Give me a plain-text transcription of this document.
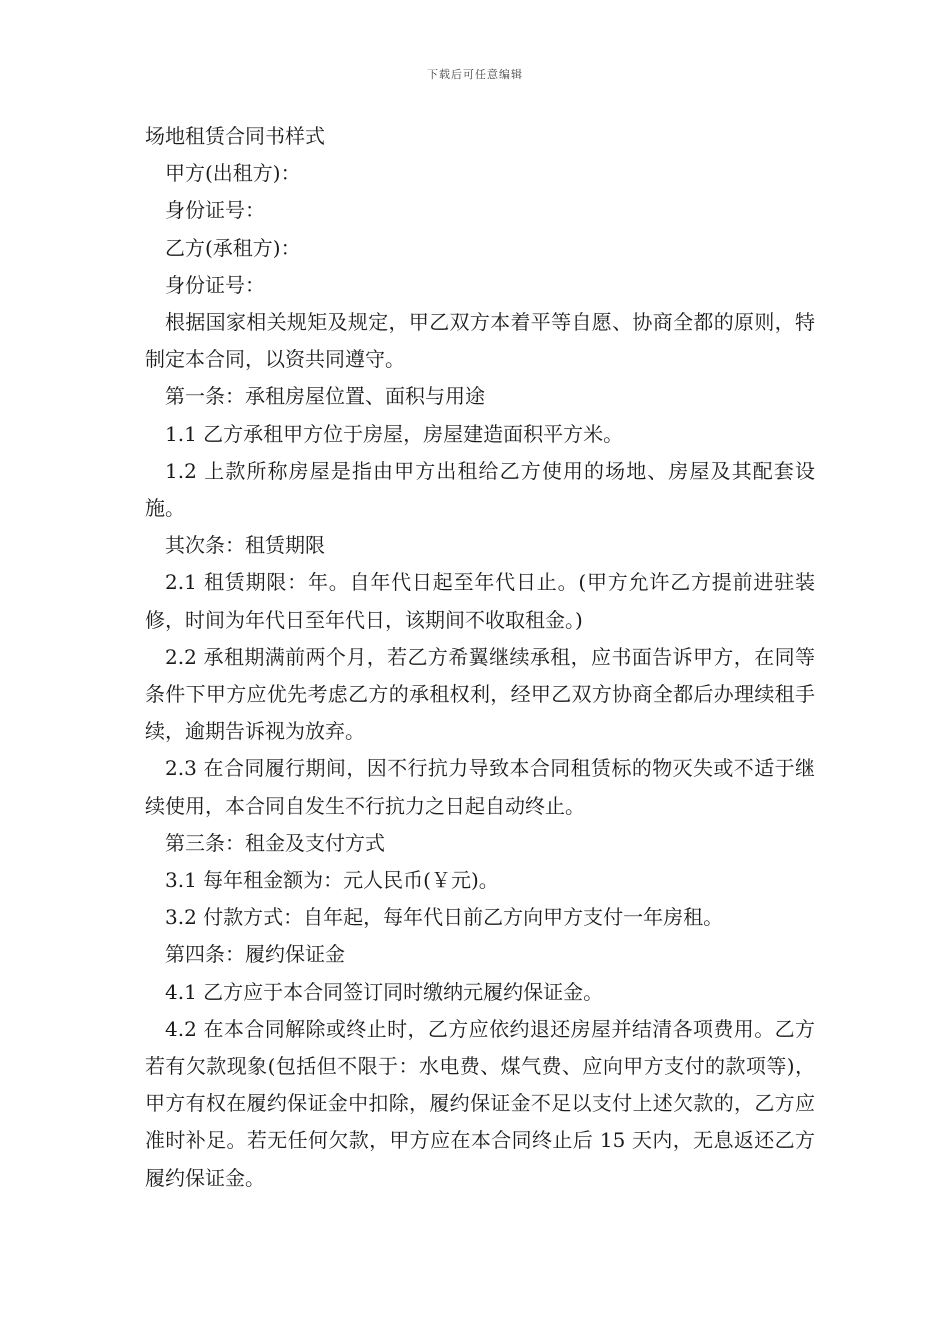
下载后可任意编辑

场地租赁合同书样式

甲方(出租方)：

身份证号：

乙方(承租方)：

身份证号：

根据国家相关规矩及规定，甲乙双方本着平等自愿、协商全都的原则，特制定本合同，以资共同遵守。

第一条：承租房屋位置、面积与用途

1.1 乙方承租甲方位于房屋，房屋建造面积平方米。

1.2 上款所称房屋是指由甲方出租给乙方使用的场地、房屋及其配套设施。

其次条：租赁期限

2.1 租赁期限：年。自年代日起至年代日止。(甲方允许乙方提前进驻装修，时间为年代日至年代日，该期间不收取租金。)

2.2 承租期满前两个月，若乙方希翼继续承租，应书面告诉甲方，在同等条件下甲方应优先考虑乙方的承租权利，经甲乙双方协商全都后办理续租手续，逾期告诉视为放弃。

2.3 在合同履行期间，因不行抗力导致本合同租赁标的物灭失或不适于继续使用，本合同自发生不行抗力之日起自动终止。

第三条：租金及支付方式

3.1 每年租金额为：元人民币(￥元)。

3.2 付款方式：自年起，每年代日前乙方向甲方支付一年房租。

第四条：履约保证金

4.1 乙方应于本合同签订同时缴纳元履约保证金。

4.2 在本合同解除或终止时，乙方应依约退还房屋并结清各项费用。乙方若有欠款现象(包括但不限于：水电费、煤气费、应向甲方支付的款项等)，甲方有权在履约保证金中扣除，履约保证金不足以支付上述欠款的，乙方应准时补足。若无任何欠款，甲方应在本合同终止后 15 天内，无息返还乙方履约保证金。
